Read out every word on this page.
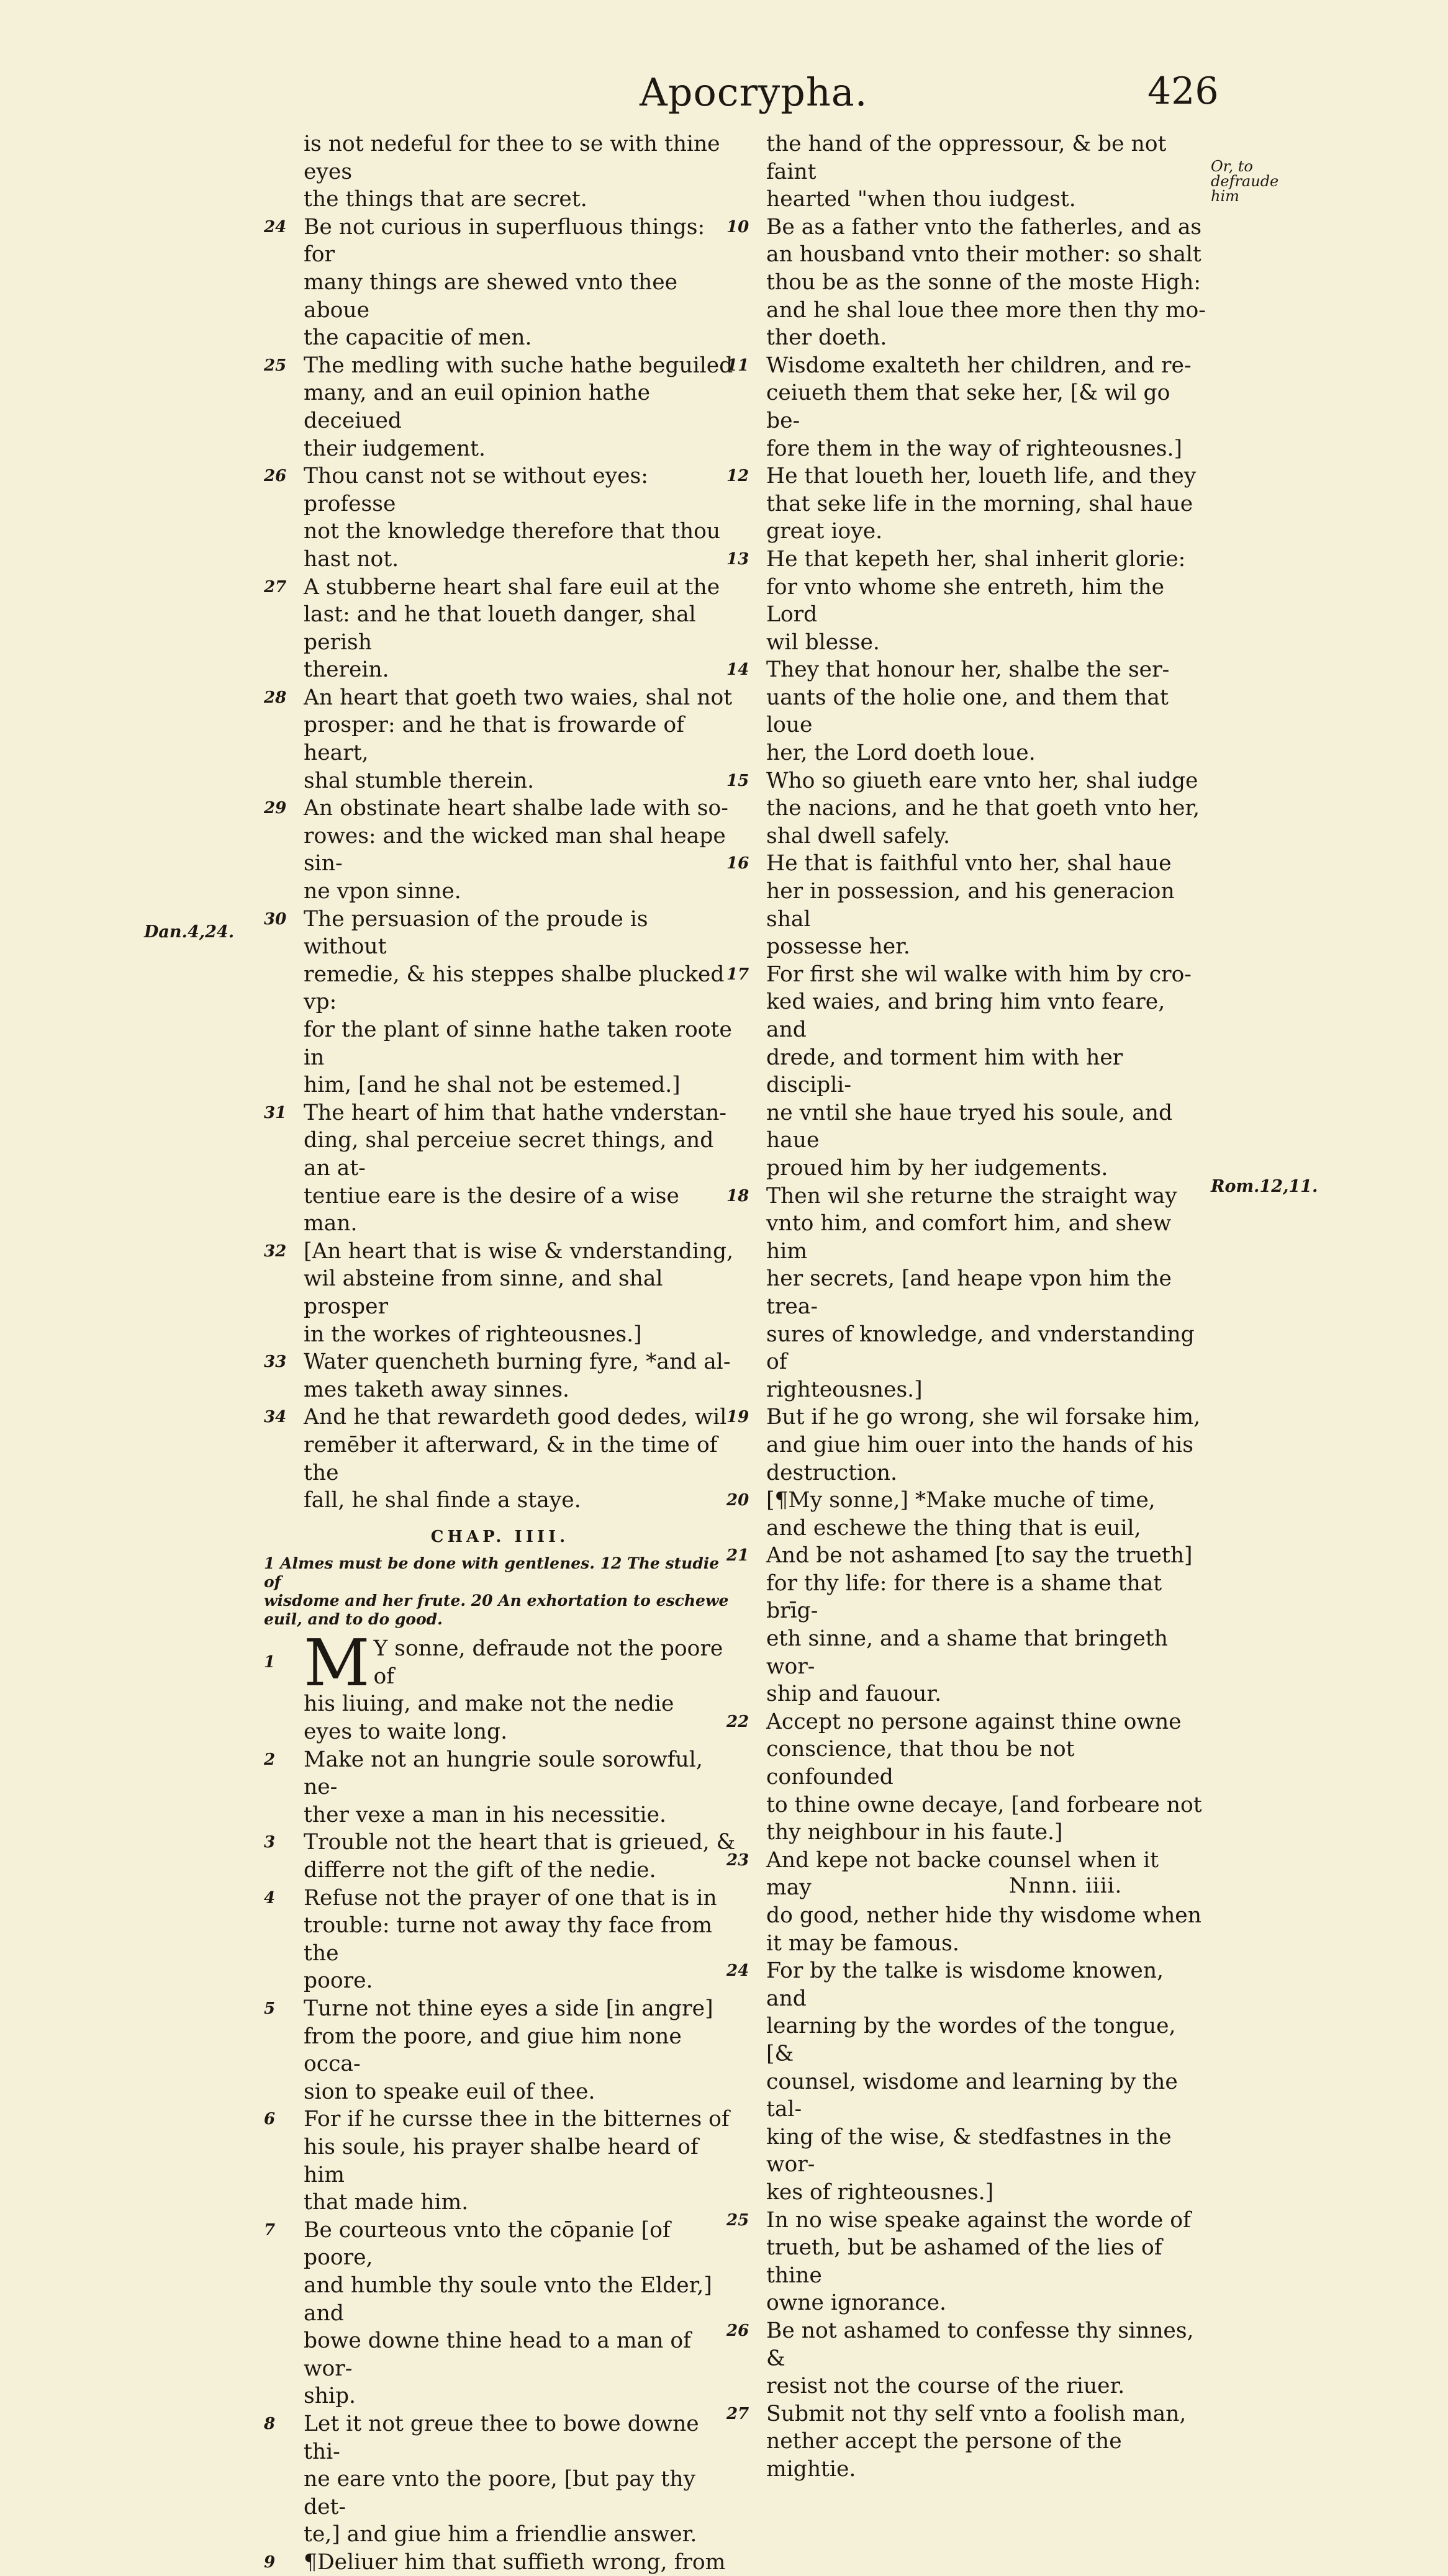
Apocrypha.	426
Dan.4,24.
Or, to defraude
him
Rom.12,11.
is not nedeful for thee to se with thine eyes
the things that are secret.
24 Be not curious in superfluous things: for
many things are shewed vnto thee aboue
the capacitie of men.
25 The medling with suche hathe beguiled
many, and an euil opinion hathe deceiued
their iudgement.
26 Thou canst not se without eyes: professe
not the knowledge therefore that thou
hast not.
27 A stubberne heart shal fare euil at the
last: and he that loueth danger, shal perish
therein.
28 An heart that goeth two waies, shal not
prosper: and he that is frowarde of heart,
shal stumble therein.
29 An obstinate heart shalbe lade with so-
rowes: and the wicked man shal heape sin-
ne vpon sinne.
30 The persuasion of the proude is without
remedie, & his steppes shalbe plucked vp:
for the plant of sinne hathe taken roote in
him, [and he shal not be estemed.]
31 The heart of him that hathe vnderstan-
ding, shal perceiue secret things, and an at-
tentiue eare is the desire of a wise man.
32 [An heart that is wise & vnderstanding,
wil absteine from sinne, and shal prosper
in the workes of righteousnes.]
33 Water quencheth burning fyre, *and al-
mes taketh away sinnes.
34 And he that rewardeth good dedes, wil
remēber it afterward, & in the time of the
fall, he shal finde a staye.
CHAP. IIII.
1 Almes must be done with gentlenes. 12 The studie of
wisdome and her frute. 20 An exhortation to eschewe
euil, and to do good.
1 M Y sonne, defraude not the poore of
his liuing, and make not the nedie
eyes to waite long.
2 Make not an hungrie soule sorowful, ne-
ther vexe a man in his necessitie.
3 Trouble not the heart that is grieued, &
differre not the gift of the nedie.
4 Refuse not the prayer of one that is in
trouble: turne not away thy face from the
poore.
5 Turne not thine eyes a side [in angre]
from the poore, and giue him none occa-
sion to speake euil of thee.
6 For if he cursse thee in the bitternes of
his soule, his prayer shalbe heard of him
that made him.
7 Be courteous vnto the cōpanie [of poore,
and humble thy soule vnto the Elder,] and
bowe downe thine head to a man of wor-
ship.
8 Let it not greue thee to bowe downe thi-
ne eare vnto the poore, [but pay thy det-
te,] and giue him a friendlie answer.
9 ¶Deliuer him that suffieth wrong, from
the hand of the oppressour, & be not faint
hearted "when thou iudgest.
10 Be as a father vnto the fatherles, and as
an housband vnto their mother: so shalt
thou be as the sonne of the moste High:
and he shal loue thee more then thy mo-
ther doeth.
11 Wisdome exalteth her children, and re-
ceiueth them that seke her, [& wil go be-
fore them in the way of righteousnes.]
12 He that loueth her, loueth life, and they
that seke life in the morning, shal haue
great ioye.
13 He that kepeth her, shal inherit glorie:
for vnto whome she entreth, him the Lord
wil blesse.
14 They that honour her, shalbe the ser-
uants of the holie one, and them that loue
her, the Lord doeth loue.
15 Who so giueth eare vnto her, shal iudge
the nacions, and he that goeth vnto her,
shal dwell safely.
16 He that is faithful vnto her, shal haue
her in possession, and his generacion shal
possesse her.
17 For first she wil walke with him by cro-
ked waies, and bring him vnto feare, and
drede, and torment him with her discipli-
ne vntil she haue tryed his soule, and haue
proued him by her iudgements.
18 Then wil she returne the straight way
vnto him, and comfort him, and shew him
her secrets, [and heape vpon him the trea-
sures of knowledge, and vnderstanding of
righteousnes.]
19 But if he go wrong, she wil forsake him,
and giue him ouer into the hands of his
destruction.
20 [¶My sonne,] *Make muche of time,
and eschewe the thing that is euil,
21 And be not ashamed [to say the trueth]
for thy life: for there is a shame that brīg-
eth sinne, and a shame that bringeth wor-
ship and fauour.
22 Accept no persone against thine owne
conscience, that thou be not confounded
to thine owne decaye, [and forbeare not
thy neighbour in his faute.]
23 And kepe not backe counsel when it may
do good, nether hide thy wisdome when
it may be famous.
24 For by the talke is wisdome knowen, and
learning by the wordes of the tongue, [&
counsel, wisdome and learning by the tal-
king of the wise, & stedfastnes in the wor-
kes of righteousnes.]
25 In no wise speake against the worde of
trueth, but be ashamed of the lies of thine
owne ignorance.
26 Be not ashamed to confesse thy sinnes, &
resist not the course of the riuer.
27 Submit not thy self vnto a foolish man,
nether accept the persone of the mightie.
Nnnn. iiii.
